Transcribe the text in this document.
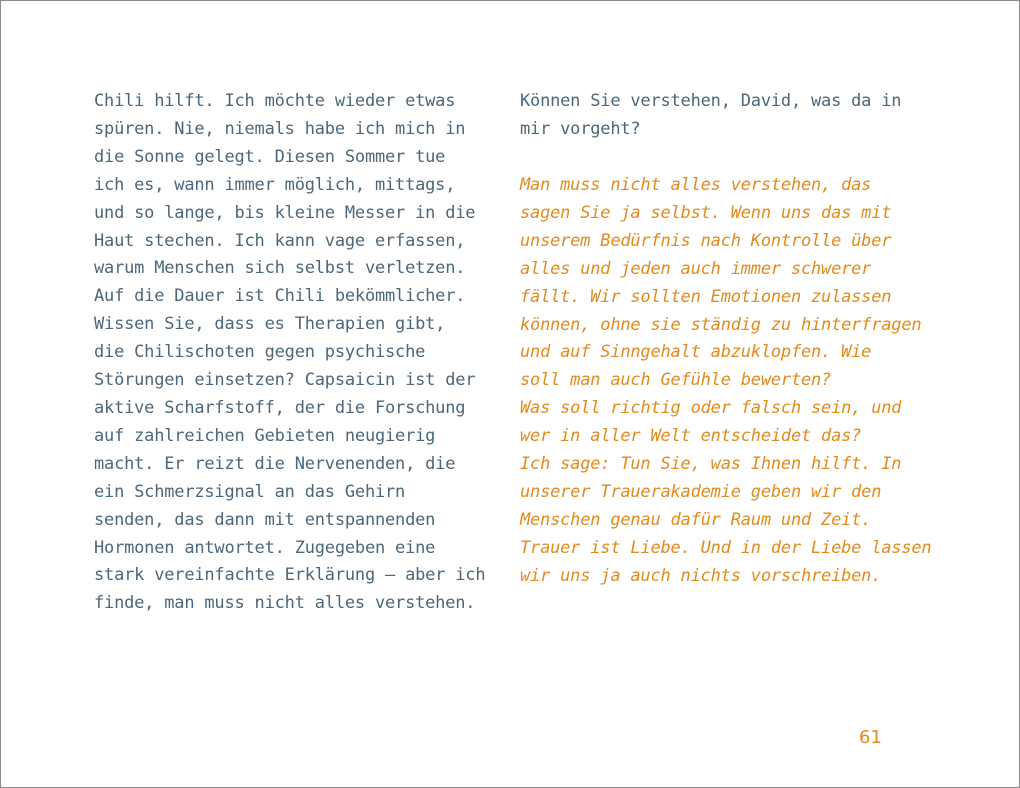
Chili hilft. Ich möchte wieder etwas
spüren. Nie, niemals habe ich mich in
die Sonne gelegt. Diesen Sommer tue
ich es, wann immer möglich, mittags,
und so lange, bis kleine Messer in die
Haut stechen. Ich kann vage erfassen,
warum Menschen sich selbst verletzen.
Auf die Dauer ist Chili bekömmlicher.
Wissen Sie, dass es Therapien gibt,
die Chilischoten gegen psychische
Störungen einsetzen? Capsaicin ist der
aktive Scharfstoff, der die Forschung
auf zahlreichen Gebieten neugierig
macht. Er reizt die Nervenenden, die
ein Schmerzsignal an das Gehirn
senden, das dann mit entspannenden
Hormonen antwortet. Zugegeben eine
stark vereinfachte Erklärung – aber ich
finde, man muss nicht alles verstehen.

Können Sie verstehen, David, was da in
mir vorgeht?

Man muss nicht alles verstehen, das
sagen Sie ja selbst. Wenn uns das mit
unserem Bedürfnis nach Kontrolle über
alles und jeden auch immer schwerer
fällt. Wir sollten Emotionen zulassen
können, ohne sie ständig zu hinterfragen
und auf Sinngehalt abzuklopfen. Wie
soll man auch Gefühle bewerten?
Was soll richtig oder falsch sein, und
wer in aller Welt entscheidet das?
Ich sage: Tun Sie, was Ihnen hilft. In
unserer Trauerakademie geben wir den
Menschen genau dafür Raum und Zeit.
Trauer ist Liebe. Und in der Liebe lassen
wir uns ja auch nichts vorschreiben.

61
